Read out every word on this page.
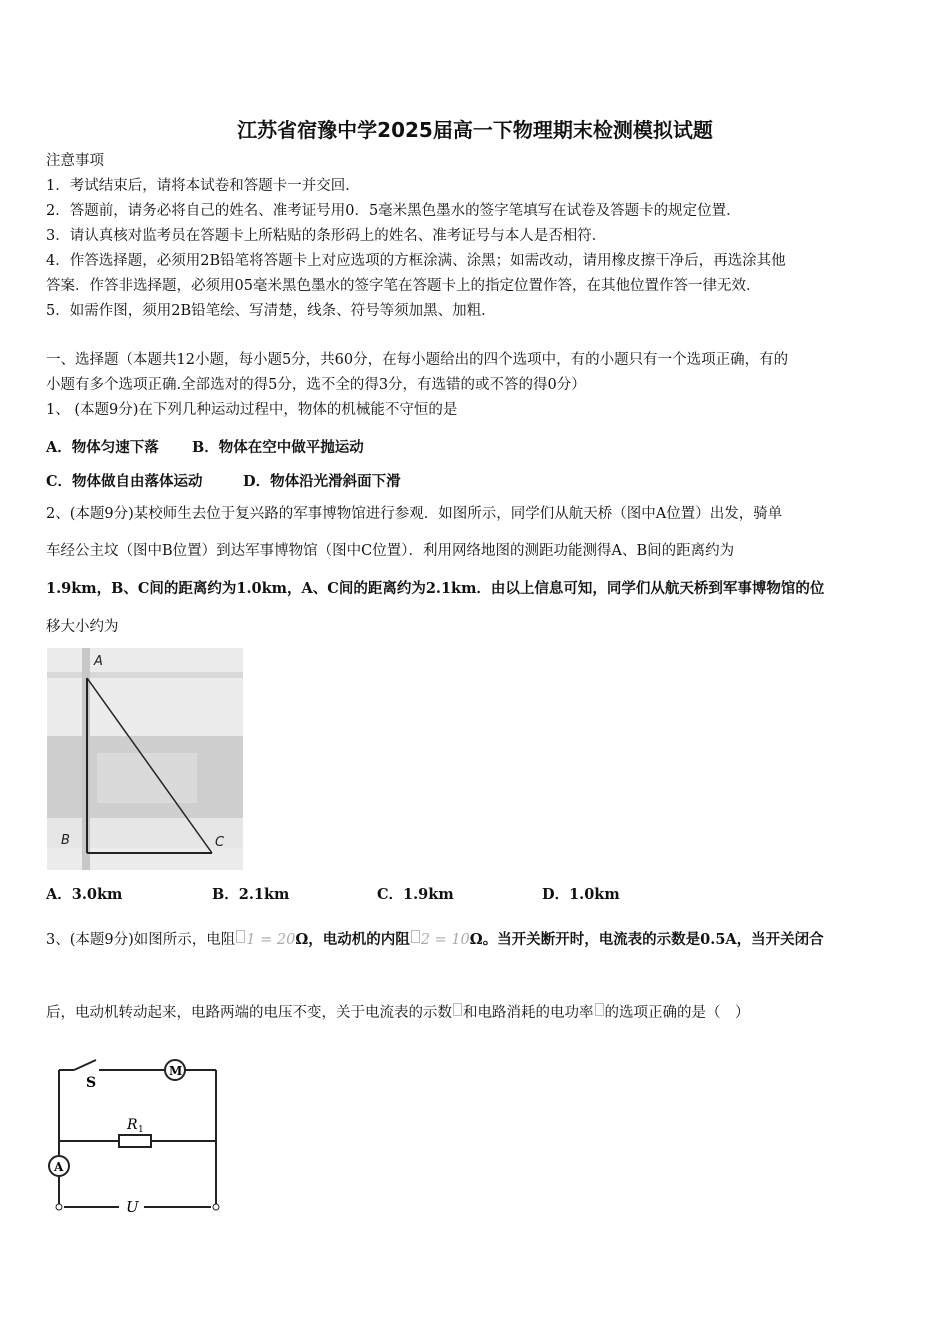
江苏省宿豫中学2025届高一下物理期末检测模拟试题
注意事项
1．考试结束后，请将本试卷和答题卡一并交回．
2．答题前，请务必将自己的姓名、准考证号用0．5毫米黑色墨水的签字笔填写在试卷及答题卡的规定位置．
3．请认真核对监考员在答题卡上所粘贴的条形码上的姓名、准考证号与本人是否相符．
4．作答选择题，必须用2B铅笔将答题卡上对应选项的方框涂满、涂黑；如需改动，请用橡皮擦干净后，再选涂其他
答案．作答非选择题，必须用05毫米黑色墨水的签字笔在答题卡上的指定位置作答，在其他位置作答一律无效．
5．如需作图，须用2B铅笔绘、写清楚，线条、符号等须加黑、加粗．
一、选择题（本题共12小题，每小题5分，共60分，在每小题给出的四个选项中，有的小题只有一个选项正确，有的
小题有多个选项正确.全部选对的得5分，选不全的得3分，有选错的或不答的得0分）
1、 (本题9分)在下列几种运动过程中，物体的机械能不守恒的是
A．物体匀速下落 B．物体在空中做平抛运动
C．物体做自由落体运动	D．物体沿光滑斜面下滑
2、(本题9分)某校师生去位于复兴路的军事博物馆进行参观．如图所示，同学们从航天桥（图中A位置）出发，骑单
车经公主坟（图中B位置）到达军事博物馆（图中C位置）．利用网络地图的测距功能测得A、B间的距离约为
1.9km，B、C间的距离约为1.0km，A、C间的距离约为2.1km．由以上信息可知，同学们从航天桥到军事博物馆的位
移大小约为
A
B	C
A．3.0km	B．2.1km	C．1.9km	D．1.0km
3、(本题9分)如图所示，电阻 1 = 20Ω，电动机的内阻 2 = 10Ω。当开关断开时，电流表的示数是0.5A，当开关闭合
后，电动机转动起来，电路两端的电压不变，关于电流表的示数 和电路消耗的电功率 的选项正确的是（　）
S
M
R 1
A
U
